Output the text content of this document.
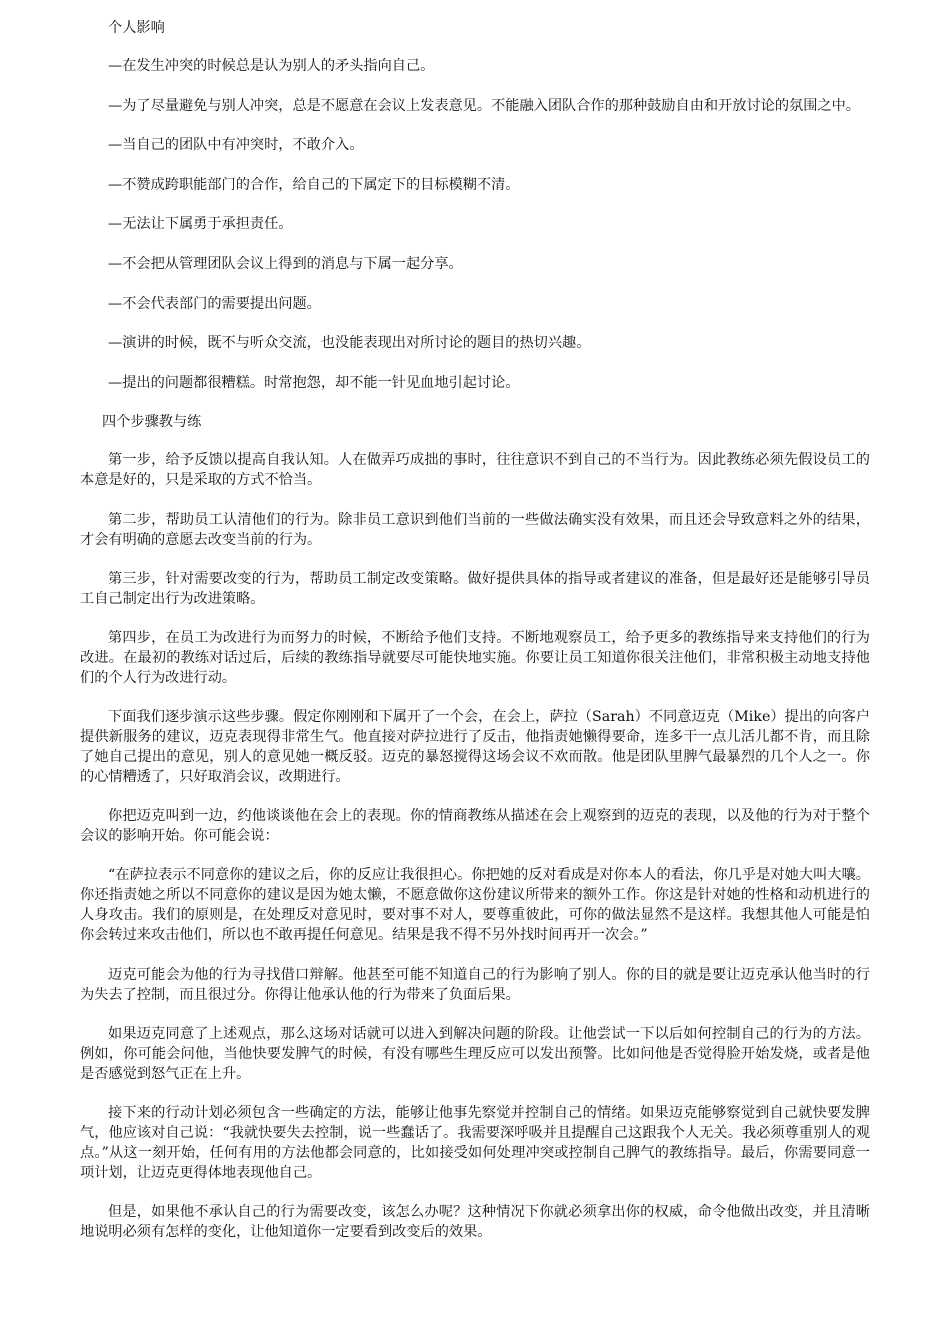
个人影响

—在发生冲突的时候总是认为别人的矛头指向自己。

—为了尽量避免与别人冲突，总是不愿意在会议上发表意见。不能融入团队合作的那种鼓励自由和开放讨论的氛围之中。

—当自己的团队中有冲突时，不敢介入。

—不赞成跨职能部门的合作，给自己的下属定下的目标模糊不清。

—无法让下属勇于承担责任。

—不会把从管理团队会议上得到的消息与下属一起分享。

—不会代表部门的需要提出问题。

—演讲的时候，既不与听众交流，也没能表现出对所讨论的题目的热切兴趣。

—提出的问题都很糟糕。时常抱怨，却不能一针见血地引起讨论。

四个步骤教与练

第一步，给予反馈以提高自我认知。人在做弄巧成拙的事时，往往意识不到自己的不当行为。因此教练必须先假设员工的本意是好的，只是采取的方式不恰当。

第二步，帮助员工认清他们的行为。除非员工意识到他们当前的一些做法确实没有效果，而且还会导致意料之外的结果，才会有明确的意愿去改变当前的行为。

第三步，针对需要改变的行为，帮助员工制定改变策略。做好提供具体的指导或者建议的准备，但是最好还是能够引导员工自己制定出行为改进策略。

第四步，在员工为改进行为而努力的时候，不断给予他们支持。不断地观察员工，给予更多的教练指导来支持他们的行为改进。在最初的教练对话过后，后续的教练指导就要尽可能快地实施。你要让员工知道你很关注他们，非常积极主动地支持他们的个人行为改进行动。

下面我们逐步演示这些步骤。假定你刚刚和下属开了一个会，在会上，萨拉（Sarah）不同意迈克（Mike）提出的向客户提供新服务的建议，迈克表现得非常生气。他直接对萨拉进行了反击，他指责她懒得要命，连多干一点儿活儿都不肯，而且除了她自己提出的意见，别人的意见她一概反驳。迈克的暴怒搅得这场会议不欢而散。他是团队里脾气最暴烈的几个人之一。你的心情糟透了，只好取消会议，改期进行。

你把迈克叫到一边，约他谈谈他在会上的表现。你的情商教练从描述在会上观察到的迈克的表现，以及他的行为对于整个会议的影响开始。你可能会说：

“在萨拉表示不同意你的建议之后，你的反应让我很担心。你把她的反对看成是对你本人的看法，你几乎是对她大叫大嚷。你还指责她之所以不同意你的建议是因为她太懒，不愿意做你这份建议所带来的额外工作。你这是针对她的性格和动机进行的人身攻击。我们的原则是，在处理反对意见时，要对事不对人，要尊重彼此，可你的做法显然不是这样。我想其他人可能是怕你会转过来攻击他们，所以也不敢再提任何意见。结果是我不得不另外找时间再开一次会。”

迈克可能会为他的行为寻找借口辩解。他甚至可能不知道自己的行为影响了别人。你的目的就是要让迈克承认他当时的行为失去了控制，而且很过分。你得让他承认他的行为带来了负面后果。

如果迈克同意了上述观点，那么这场对话就可以进入到解决问题的阶段。让他尝试一下以后如何控制自己的行为的方法。例如，你可能会问他，当他快要发脾气的时候，有没有哪些生理反应可以发出预警。比如问他是否觉得脸开始发烧，或者是他是否感觉到怒气正在上升。

接下来的行动计划必须包含一些确定的方法，能够让他事先察觉并控制自己的情绪。如果迈克能够察觉到自己就快要发脾气，他应该对自己说：“我就快要失去控制，说一些蠢话了。我需要深呼吸并且提醒自己这跟我个人无关。我必须尊重别人的观点。”从这一刻开始，任何有用的方法他都会同意的，比如接受如何处理冲突或控制自己脾气的教练指导。最后，你需要同意一项计划，让迈克更得体地表现他自己。

但是，如果他不承认自己的行为需要改变，该怎么办呢？这种情况下你就必须拿出你的权威，命令他做出改变，并且清晰地说明必须有怎样的变化，让他知道你一定要看到改变后的效果。
